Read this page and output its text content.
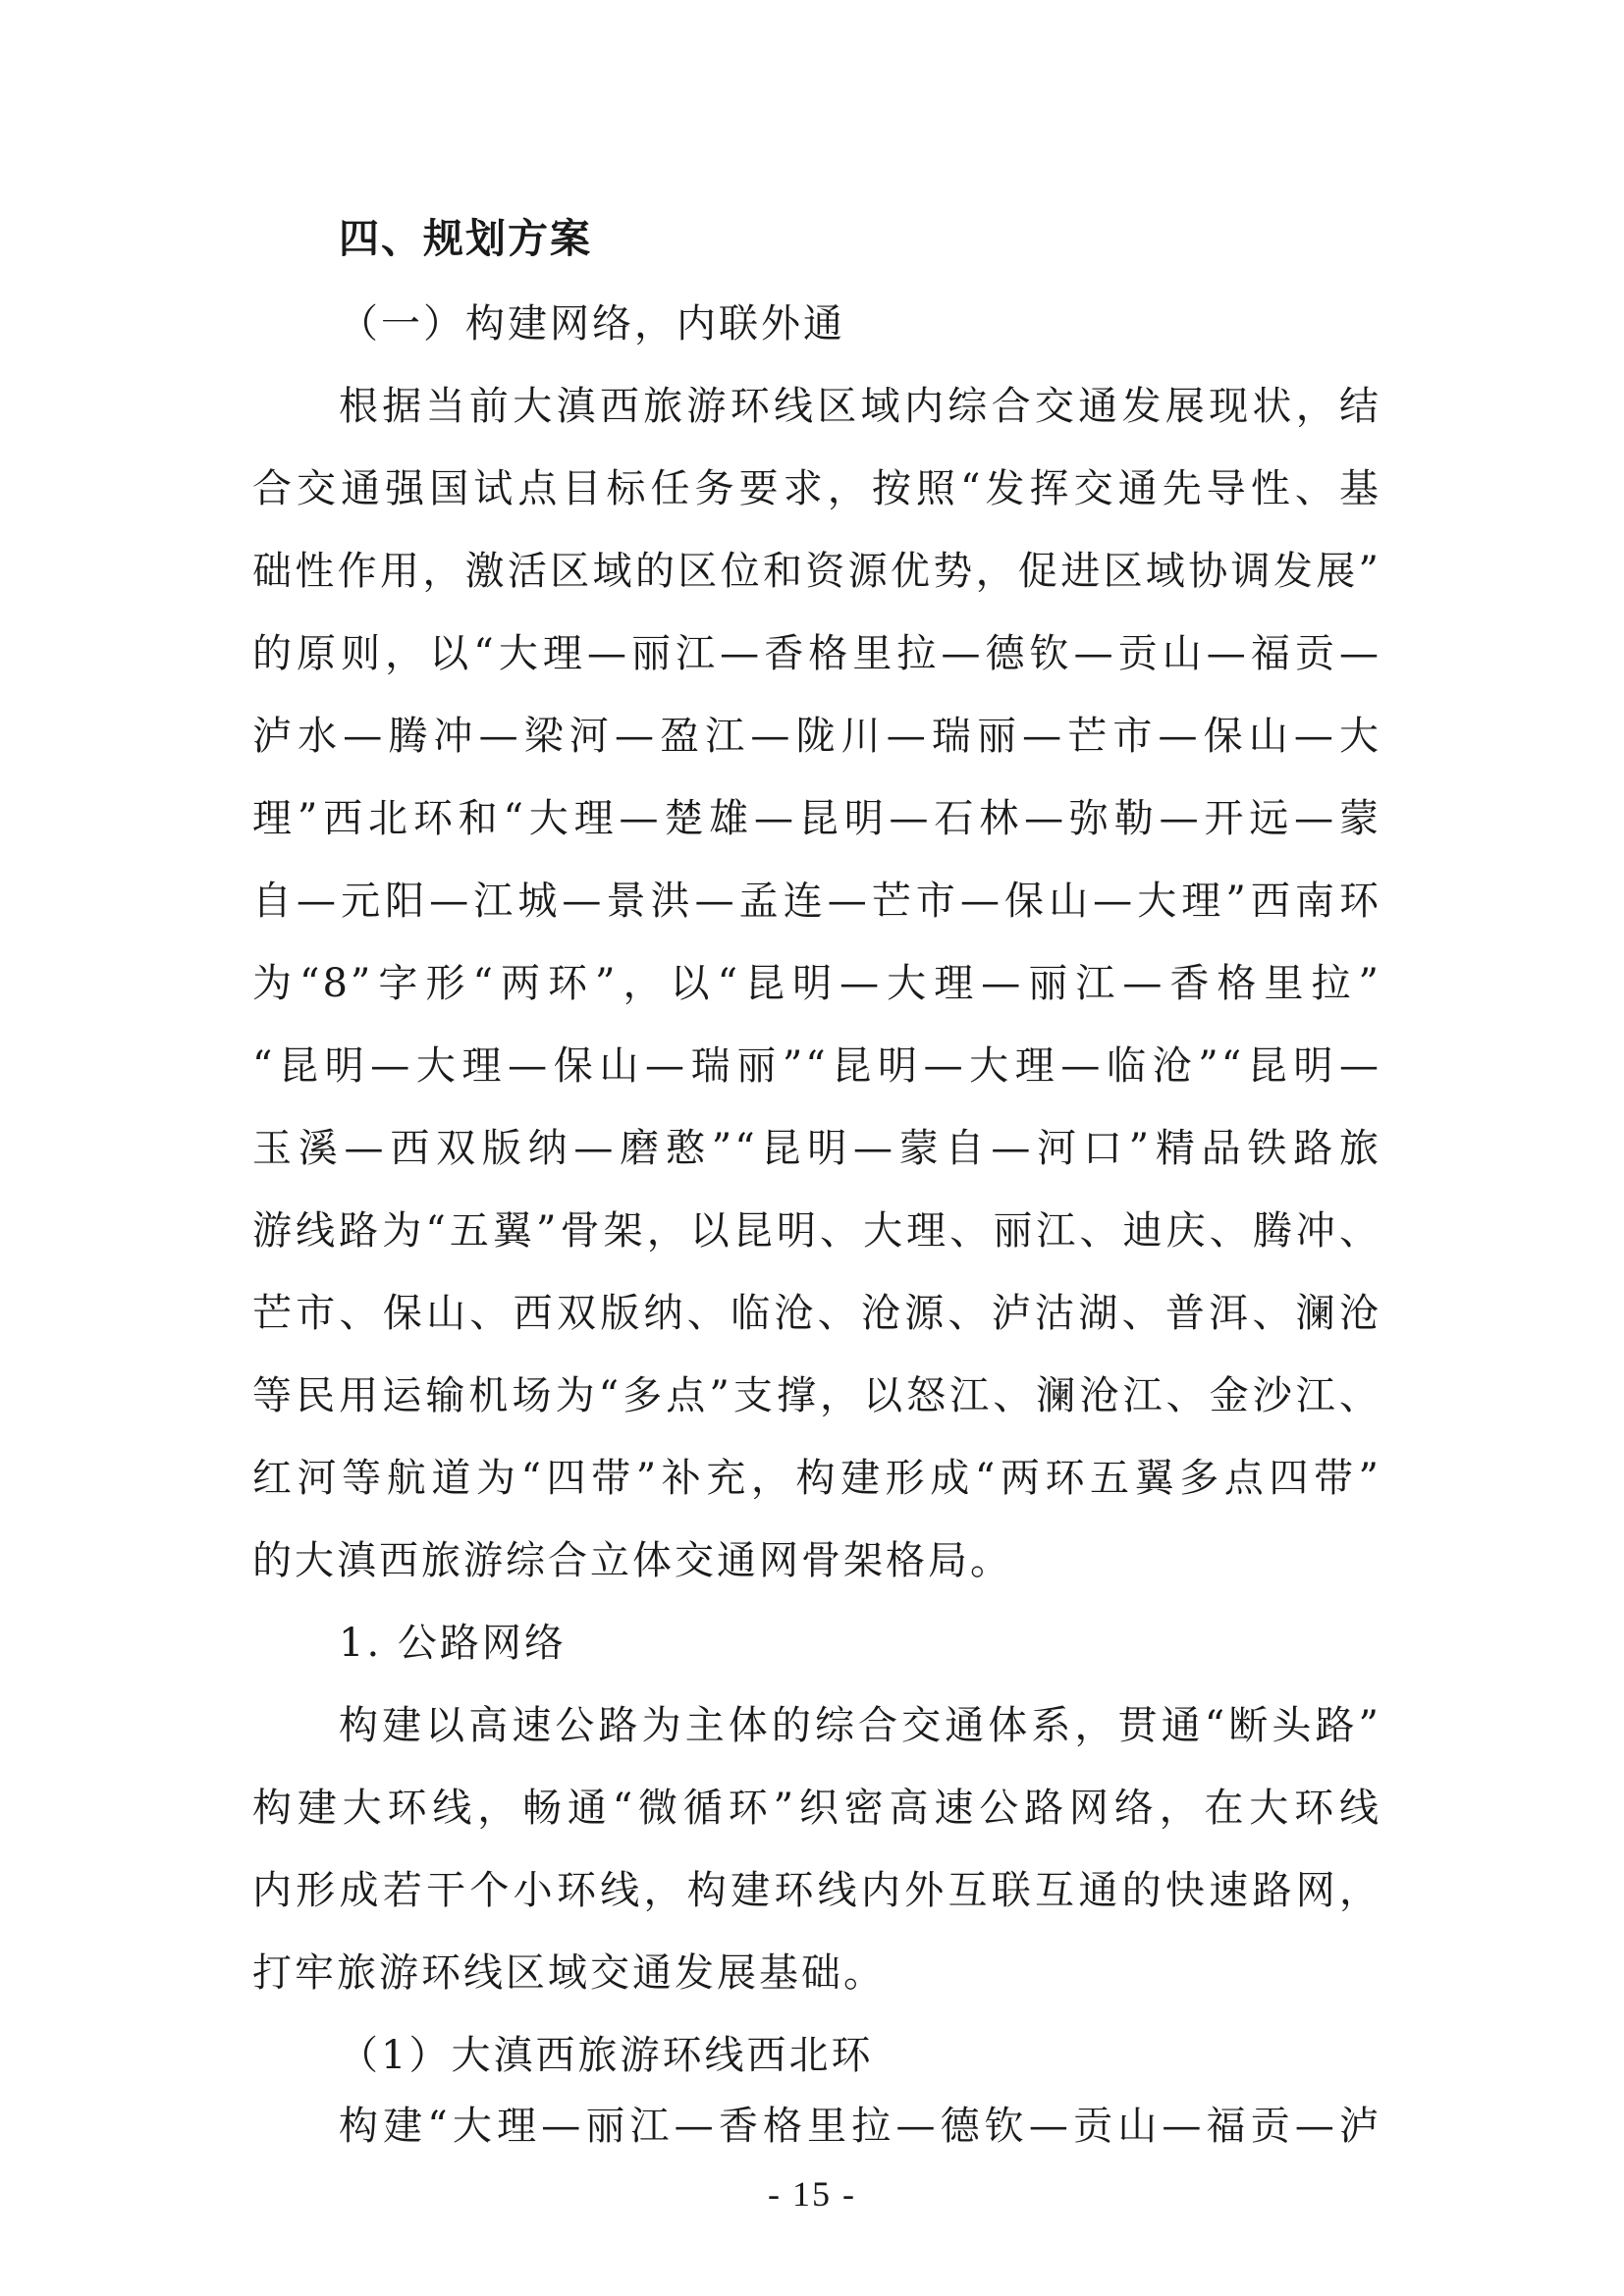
四、规划方案
（一）构建网络，内联外通
根据当前大滇西旅游环线区域内综合交通发展现状，结
合交通强国试点目标任务要求，按照“发挥交通先导性、基
础性作用，激活区域的区位和资源优势，促进区域协调发展”
的原则，以“大理—丽江—香格里拉—德钦—贡山—福贡—
泸水—腾冲—梁河—盈江—陇川—瑞丽—芒市—保山—大
理”西北环和“大理—楚雄—昆明—石林—弥勒—开远—蒙
自—元阳—江城—景洪—孟连—芒市—保山—大理”西南环
为“8”字形“两环”，以“昆明—大理—丽江—香格里拉”
“昆明—大理—保山—瑞丽”“昆明—大理—临沧”“昆明—
玉溪—西双版纳—磨憨”“昆明—蒙自—河口”精品铁路旅
游线路为“五翼”骨架，以昆明、大理、丽江、迪庆、腾冲、
芒市、保山、西双版纳、临沧、沧源、泸沽湖、普洱、澜沧
等民用运输机场为“多点”支撑，以怒江、澜沧江、金沙江、
红河等航道为“四带”补充，构建形成“两环五翼多点四带”
的大滇西旅游综合立体交通网骨架格局。
1. 公路网络
构建以高速公路为主体的综合交通体系，贯通“断头路”
构建大环线，畅通“微循环”织密高速公路网络，在大环线
内形成若干个小环线，构建环线内外互联互通的快速路网，
打牢旅游环线区域交通发展基础。
（1）大滇西旅游环线西北环
构建“大理—丽江—香格里拉—德钦—贡山—福贡—泸
- 15 -
